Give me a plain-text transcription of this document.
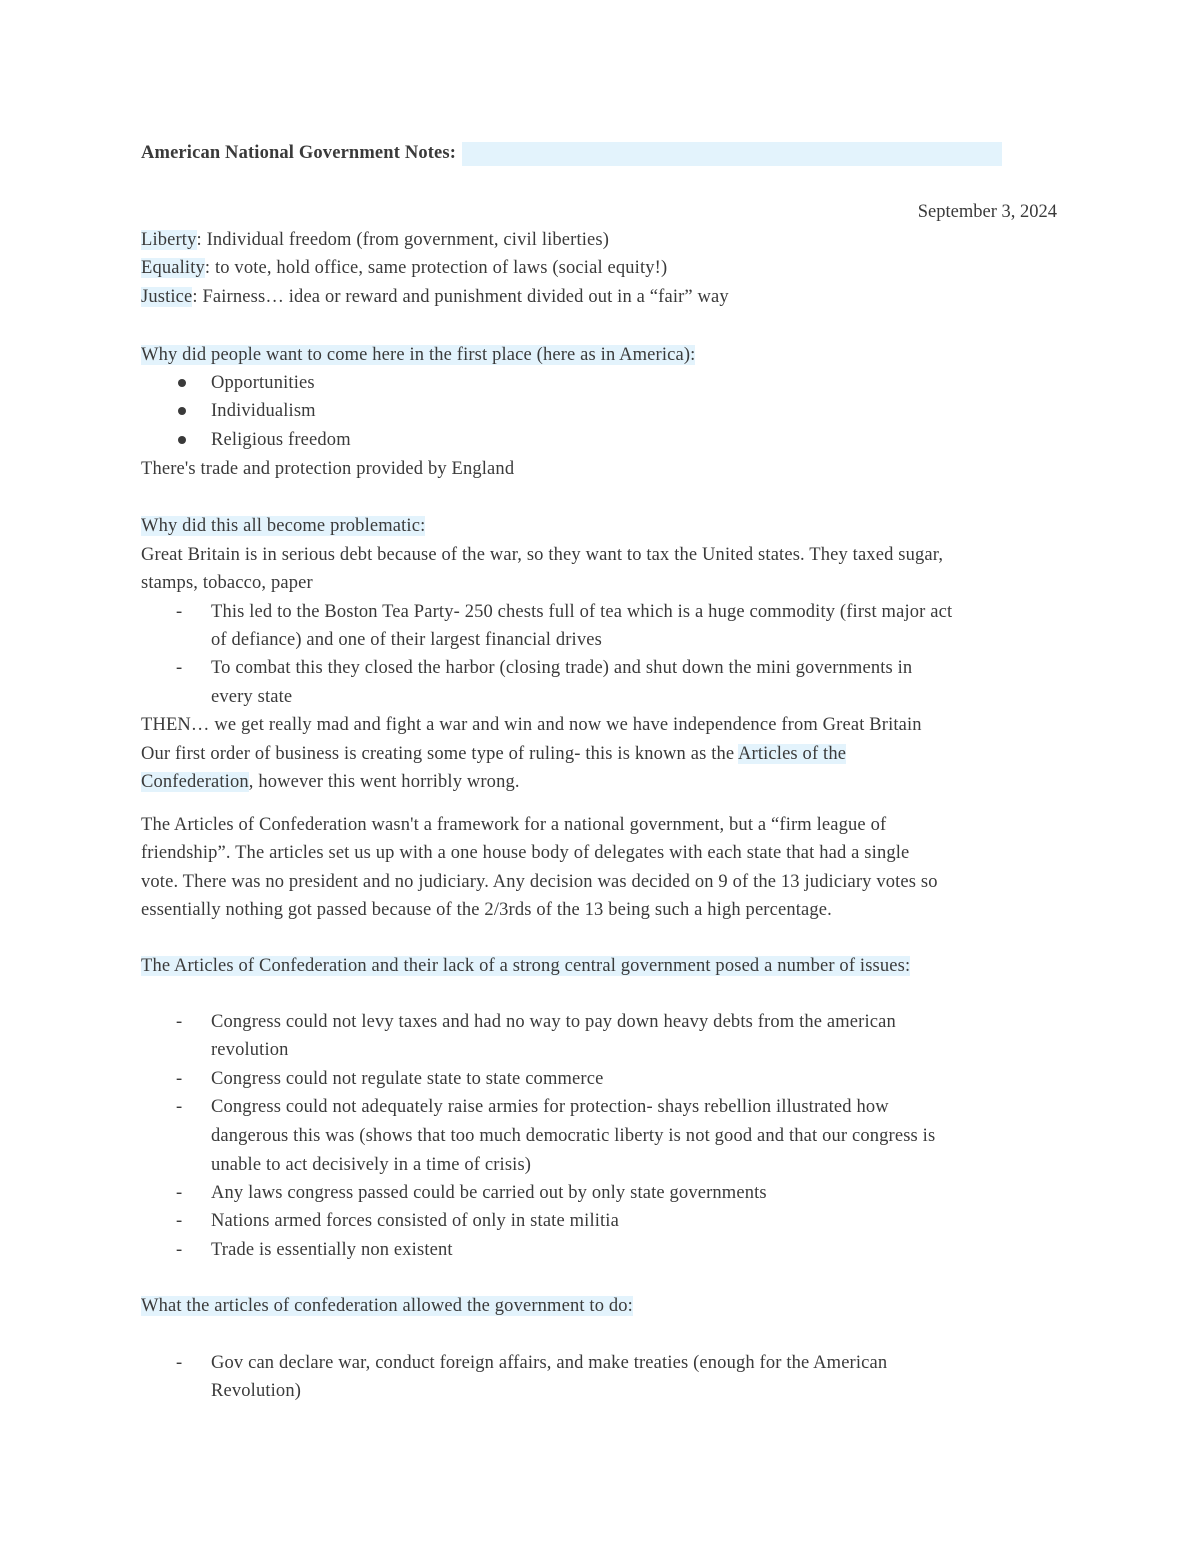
American National Government Notes:
September 3, 2024
Liberty: Individual freedom (from government, civil liberties)
Equality: to vote, hold office, same protection of laws (social equity!)
Justice: Fairness… idea or reward and punishment divided out in a “fair” way
Why did people want to come here in the first place (here as in America):
Opportunities
Individualism
Religious freedom
There's trade and protection provided by England
Why did this all become problematic:
Great Britain is in serious debt because of the war, so they want to tax the United states. They taxed sugar,
stamps, tobacco, paper
- This led to the Boston Tea Party- 250 chests full of tea which is a huge commodity (first major act
of defiance) and one of their largest financial drives
- To combat this they closed the harbor (closing trade) and shut down the mini governments in
every state
THEN… we get really mad and fight a war and win and now we have independence from Great Britain
Our first order of business is creating some type of ruling- this is known as the Articles of the
Confederation, however this went horribly wrong.
The Articles of Confederation wasn't a framework for a national government, but a “firm league of
friendship”. The articles set us up with a one house body of delegates with each state that had a single
vote. There was no president and no judiciary. Any decision was decided on 9 of the 13 judiciary votes so
essentially nothing got passed because of the 2/3rds of the 13 being such a high percentage.
The Articles of Confederation and their lack of a strong central government posed a number of issues:
- Congress could not levy taxes and had no way to pay down heavy debts from the american
revolution
- Congress could not regulate state to state commerce
- Congress could not adequately raise armies for protection- shays rebellion illustrated how
dangerous this was (shows that too much democratic liberty is not good and that our congress is
unable to act decisively in a time of crisis)
- Any laws congress passed could be carried out by only state governments
- Nations armed forces consisted of only in state militia
- Trade is essentially non existent
What the articles of confederation allowed the government to do:
- Gov can declare war, conduct foreign affairs, and make treaties (enough for the American
Revolution)
